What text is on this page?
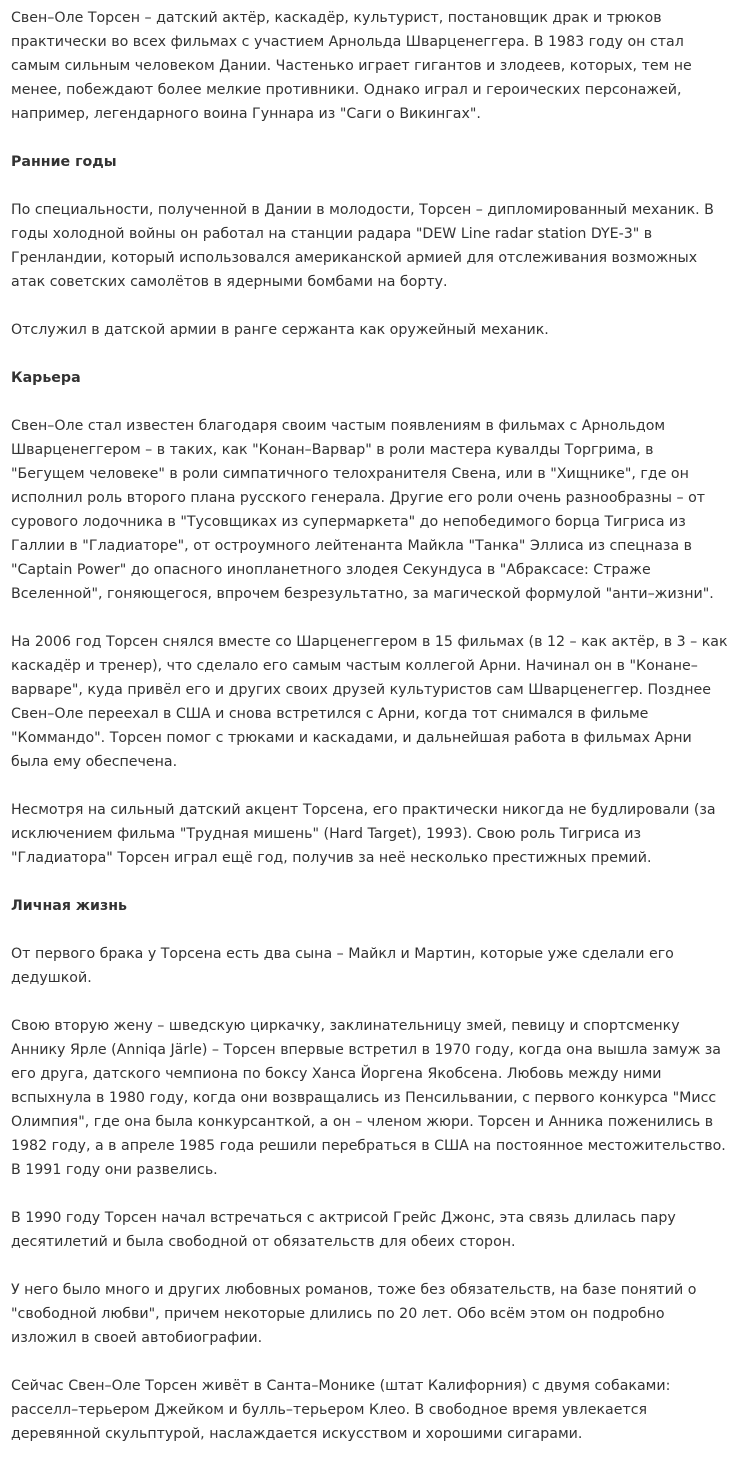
Свен–Оле Торсен – датский актёр, каскадёр, культурист, постановщик драк и трюков практически во всех фильмах с участием Арнольда Шварценеггера. В 1983 году он стал самым сильным человеком Дании. Частенько играет гигантов и злодеев, которых, тем не менее, побеждают более мелкие противники. Однако играл и героических персонажей, например, легендарного воина Гуннара из "Саги о Викингах".

Ранние годы

По специальности, полученной в Дании в молодости, Торсен – дипломированный механик. В годы холодной войны он работал на станции радара "DEW Line radar station DYE-3" в Гренландии, который использовался американской армией для отслеживания возможных атак советских самолётов в ядерными бомбами на борту.

Отслужил в датской армии в ранге сержанта как оружейный механик.

Карьера

Свен–Оле стал известен благодаря своим частым появлениям в фильмах с Арнольдом Шварценеггером – в таких, как "Конан–Варвар" в роли мастера кувалды Торгрима, в "Бегущем человеке" в роли симпатичного телохранителя Свена, или в "Хищнике", где он исполнил роль второго плана русского генерала. Другие его роли очень разнообразны – от сурового лодочника в "Тусовщиках из супермаркета" до непобедимого борца Тигриса из Галлии в "Гладиаторе", от остроумного лейтенанта Майкла "Танка" Эллиса из спецназа в "Captain Power" до опасного инопланетного злодея Секундуса в "Абраксасе: Страже Вселенной", гоняющегося, впрочем безрезультатно, за магической формулой "анти–жизни".

На 2006 год Торсен снялся вместе со Шарценеггером в 15 фильмах (в 12 – как актёр, в 3 – как каскадёр и тренер), что сделало его самым частым коллегой Арни. Начинал он в "Конане–варваре", куда привёл его и других своих друзей культуристов сам Шварценеггер. Позднее Свен–Оле переехал в США и снова встретился с Арни, когда тот снимался в фильме "Коммандо". Торсен помог с трюками и каскадами, и дальнейшая работа в фильмах Арни была ему обеспечена.

Несмотря на сильный датский акцент Торсена, его практически никогда не будлировали (за исключением фильма "Трудная мишень" (Hard Target), 1993). Свою роль Тигриса из "Гладиатора" Торсен играл ещё год, получив за неё несколько престижных премий.

Личная жизнь

От первого брака у Торсена есть два сына – Майкл и Мартин, которые уже сделали его дедушкой.

Свою вторую жену – шведскую циркачку, заклинательницу змей, певицу и спортсменку Аннику Ярле (Anniqa Järle) – Торсен впервые встретил в 1970 году, когда она вышла замуж за его друга, датского чемпиона по боксу Ханса Йоргена Якобсена. Любовь между ними вспыхнула в 1980 году, когда они возвращались из Пенсильвании, с первого конкурса "Мисс Олимпия", где она была конкурсанткой, а он – членом жюри. Торсен и Анника поженились в 1982 году, а в апреле 1985 года решили перебраться в США на постоянное местожительство. В 1991 году они развелись.

В 1990 году Торсен начал встречаться с актрисой Грейс Джонс, эта связь длилась пару десятилетий и была свободной от обязательств для обеих сторон.

У него было много и других любовных романов, тоже без обязательств, на базе понятий о "свободной любви", причем некоторые длились по 20 лет. Обо всём этом он подробно изложил в своей автобиографии.

Сейчас Свен–Оле Торсен живёт в Санта–Монике (штат Калифорния) с двумя собаками: расселл–терьером Джейком и булль–терьером Клео. В свободное время увлекается деревянной скульптурой, наслаждается искусством и хорошими сигарами.
